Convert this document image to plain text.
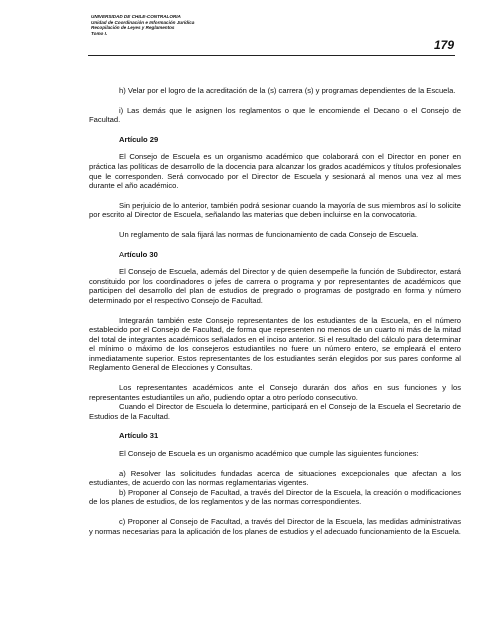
UNIVERSIDAD DE CHILE-CONTRALORIA
Unidad de Coordinación e Información Jurídica
Recopilación de Leyes y Reglamentos
Tomo I.
179

h) Velar por el logro de la acreditación de la (s) carrera (s) y programas dependientes de la Escuela.

i) Las demás que le asignen los reglamentos o que le encomiende el Decano o el Consejo de Facultad.

Artículo 29

El Consejo de Escuela es un organismo académico que colaborará con el Director en poner en práctica las políticas de desarrollo de la docencia para alcanzar los grados académicos y títulos profesionales que le corresponden. Será convocado por el Director de Escuela y sesionará al menos una vez al mes durante el año académico.

Sin perjuicio de lo anterior, también podrá sesionar cuando la mayoría de sus miembros así lo solicite por escrito al Director de Escuela, señalando las materias que deben incluirse en la convocatoria.

Un reglamento de sala fijará las normas de funcionamiento de cada Consejo de Escuela.

Artículo 30

El Consejo de Escuela, además del Director y de quien desempeñe la función de Subdirector, estará constituido por los coordinadores o jefes de carrera o programa y por representantes de académicos que participen del desarrollo del plan de estudios de pregrado o programas de postgrado en forma y número determinado por el respectivo Consejo de Facultad.

Integrarán también este Consejo representantes de los estudiantes de la Escuela, en el número establecido por el Consejo de Facultad, de forma que representen no menos de un cuarto ni más de la mitad del total de integrantes académicos señalados en el inciso anterior. Si el resultado del cálculo para determinar el mínimo o máximo de los consejeros estudiantiles no fuere un número entero, se empleará el entero inmediatamente superior. Estos representantes de los estudiantes serán elegidos por sus pares conforme al Reglamento General de Elecciones y Consultas.

Los representantes académicos ante el Consejo durarán dos años en sus funciones y los representantes estudiantiles un año, pudiendo optar a otro período consecutivo.

Cuando el Director de Escuela lo determine, participará en el Consejo de la Escuela el Secretario de Estudios de la Facultad.

Artículo 31

El Consejo de Escuela es un organismo académico que cumple las siguientes funciones:

a) Resolver las solicitudes fundadas acerca de situaciones excepcionales que afectan a los estudiantes, de acuerdo con las normas reglamentarias vigentes.

b) Proponer al Consejo de Facultad, a través del Director de la Escuela, la creación o modificaciones de los planes de estudios, de los reglamentos y de las normas correspondientes.

c) Proponer al Consejo de Facultad, a través del Director de la Escuela, las medidas administrativas y normas necesarias para la aplicación de los planes de estudios y el adecuado funcionamiento de la Escuela.
